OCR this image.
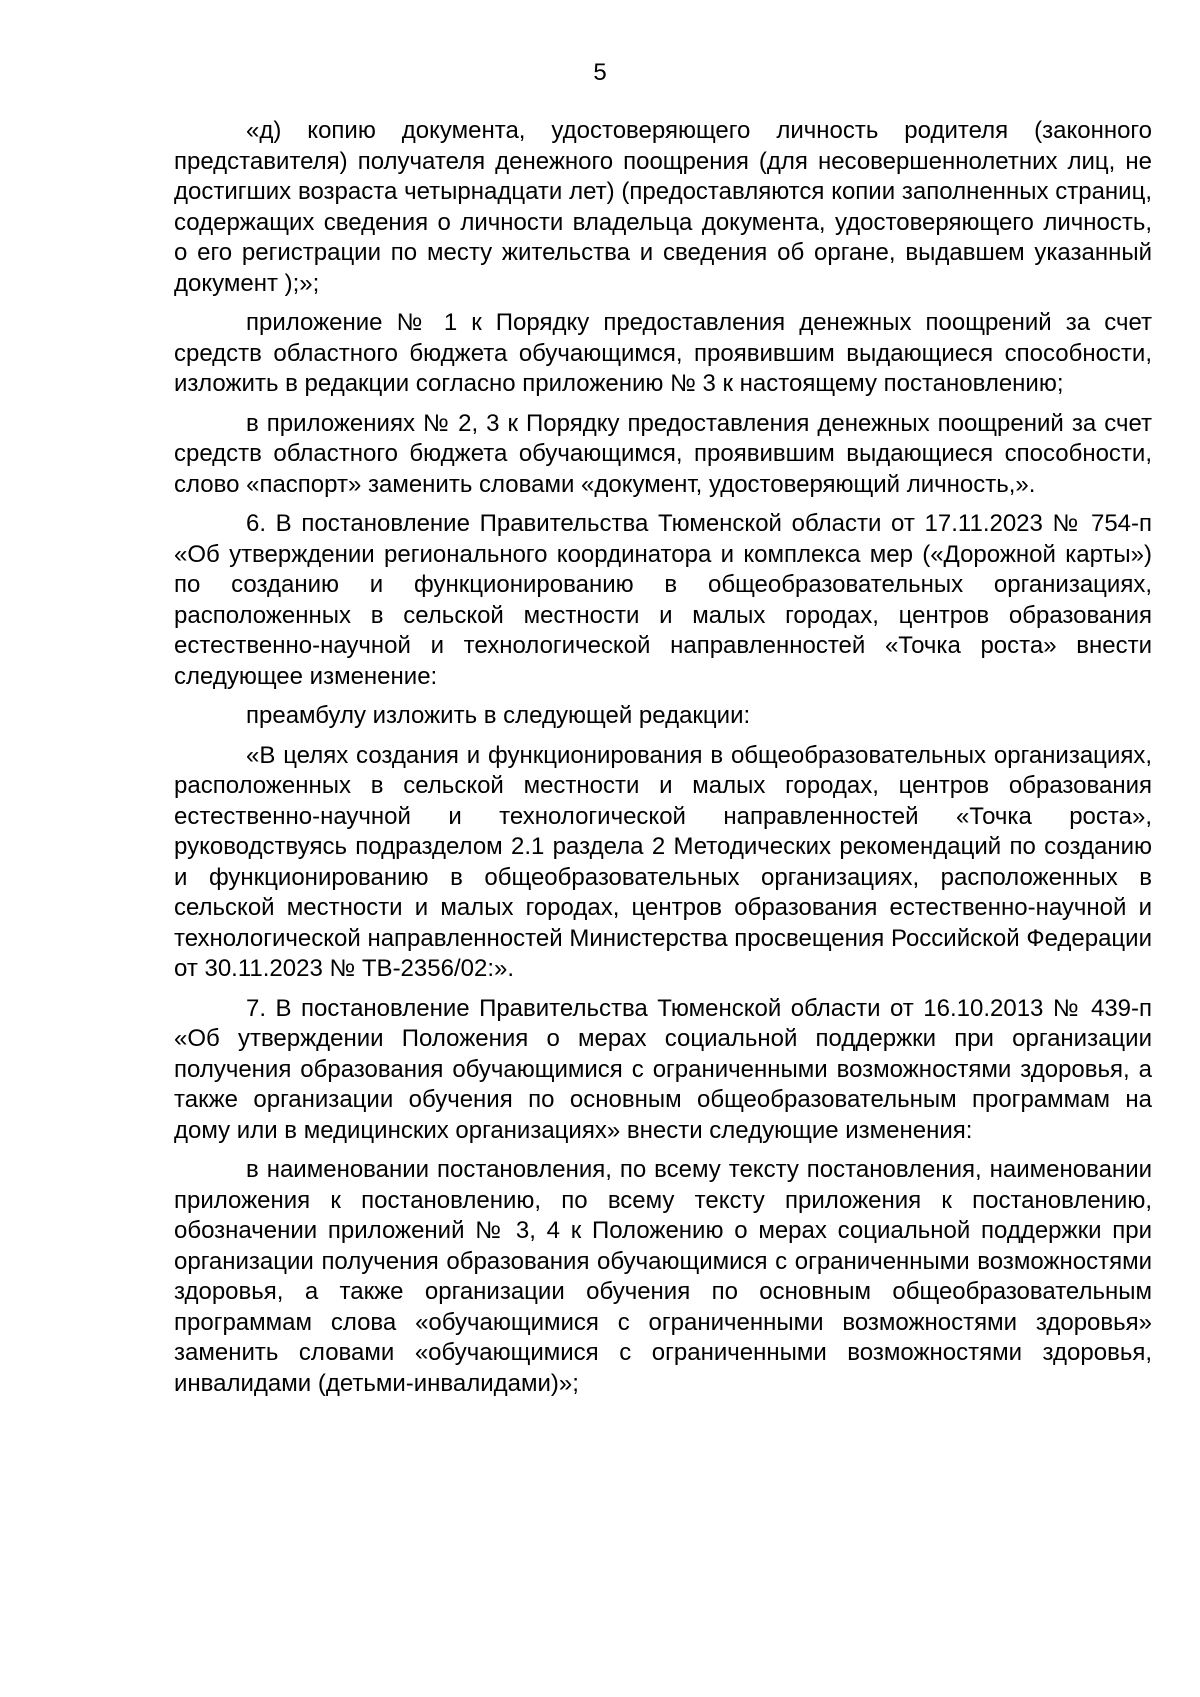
5

«д) копию документа, удостоверяющего личность родителя (законного представителя) получателя денежного поощрения (для несовершеннолетних лиц, не достигших возраста четырнадцати лет) (предоставляются копии заполненных страниц, содержащих сведения о личности владельца документа, удостоверяющего личность, о его регистрации по месту жительства и сведения об органе, выдавшем указанный документ );»;

приложение № 1 к Порядку предоставления денежных поощрений за счет средств областного бюджета обучающимся, проявившим выдающиеся способности, изложить в редакции согласно приложению № 3 к настоящему постановлению;

в приложениях № 2, 3 к Порядку предоставления денежных поощрений за счет средств областного бюджета обучающимся, проявившим выдающиеся способности, слово «паспорт» заменить словами «документ, удостоверяющий личность,».

6. В постановление Правительства Тюменской области от 17.11.2023 № 754-п «Об утверждении регионального координатора и комплекса мер («Дорожной карты») по созданию и функционированию в общеобразовательных организациях, расположенных в сельской местности и малых городах, центров образования естественно-научной и технологической направленностей «Точка роста» внести следующее изменение:

преамбулу изложить в следующей редакции:

«В целях создания и функционирования в общеобразовательных организациях, расположенных в сельской местности и малых городах, центров образования естественно-научной и технологической направленностей «Точка роста», руководствуясь подразделом 2.1 раздела 2 Методических рекомендаций по созданию и функционированию в общеобразовательных организациях, расположенных в сельской местности и малых городах, центров образования естественно-научной и технологической направленностей Министерства просвещения Российской Федерации от 30.11.2023 № ТВ-2356/02:».

7. В постановление Правительства Тюменской области от 16.10.2013 № 439-п «Об утверждении Положения о мерах социальной поддержки при организации получения образования обучающимися с ограниченными возможностями здоровья, а также организации обучения по основным общеобразовательным программам на дому или в медицинских организациях» внести следующие изменения:

в наименовании постановления, по всему тексту постановления, наименовании приложения к постановлению, по всему тексту приложения к постановлению, обозначении приложений № 3, 4 к Положению о мерах социальной поддержки при организации получения образования обучающимися с ограниченными возможностями здоровья, а также организации обучения по основным общеобразовательным программам слова «обучающимися с ограниченными возможностями здоровья» заменить словами «обучающимися с ограниченными возможностями здоровья, инвалидами (детьми-инвалидами)»;
